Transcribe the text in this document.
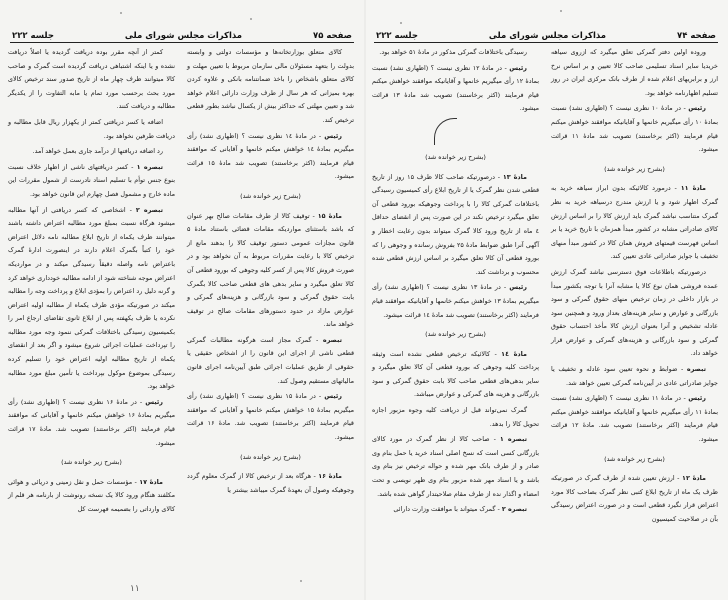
صفحه ۷۴
مذاکرات مجلس شورای ملی
جلسه ۲۲۲

وروده اولین دفتر گمرکی تعلق میگیرد که ازروی سیاهه خریدیا سایر اسناد تسلیمی صاحب کالا تعیین و بر اساس نرخ ارز و برابریهای اعلام شده از طرف بانک مرکزی ایران در روز تسلیم اظهارنامه خواهد بود.

رئیس - در مادهٔ ۱۰ نظری نیست ؟ (اظهاری نشد) نسبت بمادهٔ ۱۰ رأی میگیریم خانمها و آقایانیکه موافقند خواهش میکنم قیام فرمایند (اکثر برخاستند) تصویب شد مادهٔ ۱۱ قرائت میشود.

(بشرح زیر خوانده شد)

مادهٔ ۱۱ - درمورد کالائیکه بدون ابراز سیاهه خرید به گمرک اظهار شود و یا ارزش مندرج درسیاهه خرید به نظر گمرک متناسب نباشد گمرک باید ارزش کالا را بر اساس ارزش کالای صادراتی مشابه در کشور مبدأ همزمان با تاریخ خرید یا بر اساس فهرست قیمتهای فروش همان کالا در کشور مبدأ منهای تخفیف یا جوایز صادراتی عادی تعیین کند.

درصورتیکه باطلاعات فوق دسترسی نباشد گمرک ارزش عمده فروشی همان نوع کالا یا مشابه آنرا با توجه بکشور مبدأ در بازار داخلی در زمان ترخیص منهای حقوق گمرکی و سود بازرگانی و عوارض و سایر هزینه‌های بعداز ورود و همچنین سود عادله تشخیص و آنرا بعنوان ارزش کالا مأخذ احتساب حقوق گمرکی و سود بازرگانی و هزینه‌های گمرکی و عوارض قرار خواهد داد.

تبصره - ضوابط و نحوه تعیین سود عادله و تخفیف یا جوایز صادراتی عادی در آیین‌نامه گمرکی تعیین خواهد شد.

رئیس - در مادهٔ ۱۱ نظری نیست ؟ (اظهاری نشد) نسبت بمادهٔ ۱۱ رأی میگیریم خانمها و آقایانیکه موافقند خواهش میکنم قیام فرمایند (اکثر برخاستند) تصویب شد. مادهٔ ۱۲ قرائت میشود.

(بشرح زیر خوانده شد)

مادهٔ ۱۲ - ارزش تعیین شده از طرف گمرک در صورتیکه ظرف یک ماه از تاریخ ابلاغ کتبی نظر گمرک بصاحب کالا مورد اعتراض قرار نگیرد قطعی است و در صورت اعتراض رسیدگی بآن در صلاحیت کمیسیون

رسیدگی باختلافات گمرکی مذکور در مادهٔ ۵۱ خواهد بود.

رئیس - در مادهٔ ۱۲ نظری نیست ؟ (اظهاری نشد) نسبت بمادهٔ ۱۲ رأی میگیریم خانمها و آقایانیکه موافقند خواهش میکنم قیام فرمایند (اکثر برخاستند) تصویب شد مادهٔ ۱۳ قرائت میشود.

(بشرح زیر خوانده شد)

مادهٔ ۱۳ - درصورتیکه صاحب کالا ظرف ۱۵ روز از تاریخ قطعی شدن نظر گمرک یا از تاریخ ابلاغ رأی کمیسیون رسیدگی باختلافات گمرکی کالا را با پرداخت وجوهیکه بورود قطعی آن تعلق میگیرد ترخیص نکند در این صورت پس از انقضای حداقل ٤ ماه از تاریخ ورود کالا گمرک میتواند بدون رعایت اخطار و آگهی آنرا طبق ضوابط مادهٔ ۲۵ بفروش رسانده و وجوهی را که بورود قطعی آن کالا تعلق میگیرد بر اساس ارزش قطعی شده محسوب و برداشت کند.

رئیس - در مادهٔ ۱۳ نظری نیست ؟ (اظهاری نشد) رأی میگیریم بمادهٔ ۱۳ خواهش میکنم خانمها و آقایانیکه موافقند قیام فرمایند (اکثر برخاستند) تصویب شد مادهٔ ۱٤ قرائت میشود.

(بشرح زیر خوانده شد)

مادهٔ ۱٤ - کالائیکه ترخیص قطعی نشده است وثیقه پرداخت کلیه وجوهی که بورود قطعی آن کالا تعلق میگیرد و سایر بدهی‌های قطعی صاحب کالا بابت حقوق گمرکی و سود بازرگانی و هزینه های گمرکی و عوارض میباشد.

گمرک نمی‌تواند قبل از دریافت کلیه وجوه مزبور اجازه تحویل کالا را بدهد.

تبصره ۱ - صاحب کالا از نظر گمرک در مورد کالای بازرگانی کسی است که نسخ اصلی اسناد خرید یا حمل بنام وی صادر و از طرف بانک مهر شده و حواله ترخیص نیز بنام وی باشد و یا اسناد مهر شده مزبور بنام وی ظهر نویسی و تحت امضاء و اگذار نده از طرف مقام صلاحیتدار گواهی شده باشد.

تبصره ۲ - گمرک میتواند با موافقت وزارت دارائی

صفحه ۷۵
مذاکرات مجلس شورای ملی
جلسه ۲۲۲

کالای متعلق بوزارتخانه‌ها و مؤسسات دولتی و وابسته بدولت را بتعهد مسئولان مالی سازمان مربوط با تعیین مهلت و کالای متعلق باشخاص را باخذ ضمانتنامه بانکی و علاوه کردن بهره بمیزانی که هر سال از طرف وزارت دارائی اعلام خواهد شد و تعیین مهلتی که حداکثر بیش از یکسال نباشد بطور قطعی ترخیص کند.

رئیس - در مادهٔ ۱٤ نظری نیست ؟ (اظهاری نشد) رأی میگیریم بمادهٔ ۱٤ خواهش میکنم خانمها و آقایانی که موافقند قیام فرمایند (اکثر برخاستند) تصویب شد مادهٔ ۱۵ قرائت میشود.

(بشرح زیر خوانده شد)

مادهٔ ۱۵ - توقیف کالا از طرف مقامات صالح بهر عنوان که باشد باستثنای مواردیکه مقامات قضائی باستناد مادهٔ ۵ قانون مجازات عمومی دستور توقیف کالا را بدهند مانع از ترخیص کالا با رعایت مقررات مربوط به آن نخواهد بود و در صورت فروش کالا پس از کسر کلیه وجوهی که بورود قطعی آن کالا تعلق میگیرد و سایر بدهی های قطعی صاحب کالا بگمرک بابت حقوق گمرکی و سود بازرگانی و هزینه‌های گمرکی و عوارض مازاد در حدود دستورهای مقامات صالح در توقیف خواهد ماند.

تبصره - گمرک مجاز است هرگونه مطالبات گمرکی قطعی ناشی از اجرای این قانون را از اشخاص حقیقی یا حقوقی از طریق عملیات اجرائی طبق آیین‌نامه اجرای قانون مالیاتهای مستقیم وصول کند.

رئیس - در مادهٔ ۱۵ نظری نیست ؟ (اظهاری نشد) رأی میگیریم بمادهٔ ۱۵ خواهش میکنم خانمها و آقایانی که موافقند قیام فرمایند (اکثر برخاستند) تصویب شد. مادهٔ ۱۶ قرائت میشود.

(بشرح زیر خوانده شد)

مادهٔ ۱۶ - هرگاه بعد از ترخیص کالا از گمرک معلوم گردد وجوهیکه وصول آن بعهدهٔ گمرک میباشد بیشتر یا

کمتر از آنچه مقرر بوده دریافت گردیده یا اصلاً دریافت نشده و یا اینکه اشتباهی دریافت گردیده است گمرک و صاحب کالا میتوانند ظرف چهار ماه از تاریخ صدور سند ترخیص کالای مورد بحث برحسب مورد تمام یا مابه التفاوت را از یکدیگر مطالبه و دریافت کنند.

اضافه یا کسر دریافتی کمتر از یکهزار ریال قابل مطالبه و دریافت طرفین نخواهد بود.

رد اضافه دریافتها از درآمد جاری بعمل خواهد آمد.

تبصره ۱ - کسر دریافتهای ناشی از اظهار خلاف نسبت بنوع جنس توأم با تسلیم اسناد نادرست از شمول مقررات این ماده خارج و مشمول فصل چهارم این قانون خواهد بود.

تبصره ۲ - اشخاصی که کسر دریافتی از آنها مطالبه میشود هرگاه نسبت بمبلغ مورد مطالبه اعتراض داشته باشند میتوانند ظرف یکماه از تاریخ ابلاغ مطالبه نامه دلائل اعتراض خود را کتباً بگمرک اعلام دارند در اینصورت ادارهٔ گمرک باعتراض نامه واصله دقیقاً رسیدگی میکند و در مواردیکه اعتراض موجه شناخته شود از ادامه مطالبه خودداری خواهد کرد و گرنه دلیل رد اعتراض را بمؤدی ابلاغ و پرداخت وجه را مطالبه میکند در صورتیکه مؤدی ظرف یکماه از مطالبه اولیه اعتراض نکرده یا ظرف یکهفته پس از ابلاغ ثانوی تقاضای ارجاع امر را بکمیسیون رسیدگی باختلافات گمرکی ننمود وجه مورد مطالبه را تپرداخت عملیات اجرائی شروع میشود و اگر بعد از انقضای یکماه از تاریخ مطالبه اولیه اعتراض خود را تسلیم کرده رسیدگی بموضوع موکول بپرداخت یا تأمین مبلغ مورد مطالبه خواهد بود.

رئیس - در مادهٔ ۱۶ نظری نیست ؟ (اظهاری نشد) رأی میگیریم بمادهٔ ۱۶ خواهش میکنم خانمها و آقایانی که موافقند قیام فرمایند (اکثر برخاستند) تصویب شد. مادهٔ ۱۷ قرائت میشود.

(بشرح زیر خوانده شد)

مادهٔ ۱۷ - مؤسسات حمل و نقل زمینی و دریائی و هوائی مکلفند هنگام ورود کالا یک نسخه رونوشت از بارنامه هر قلم از کالای وارداتی را بضمیمه فهرست کل

۱۱
